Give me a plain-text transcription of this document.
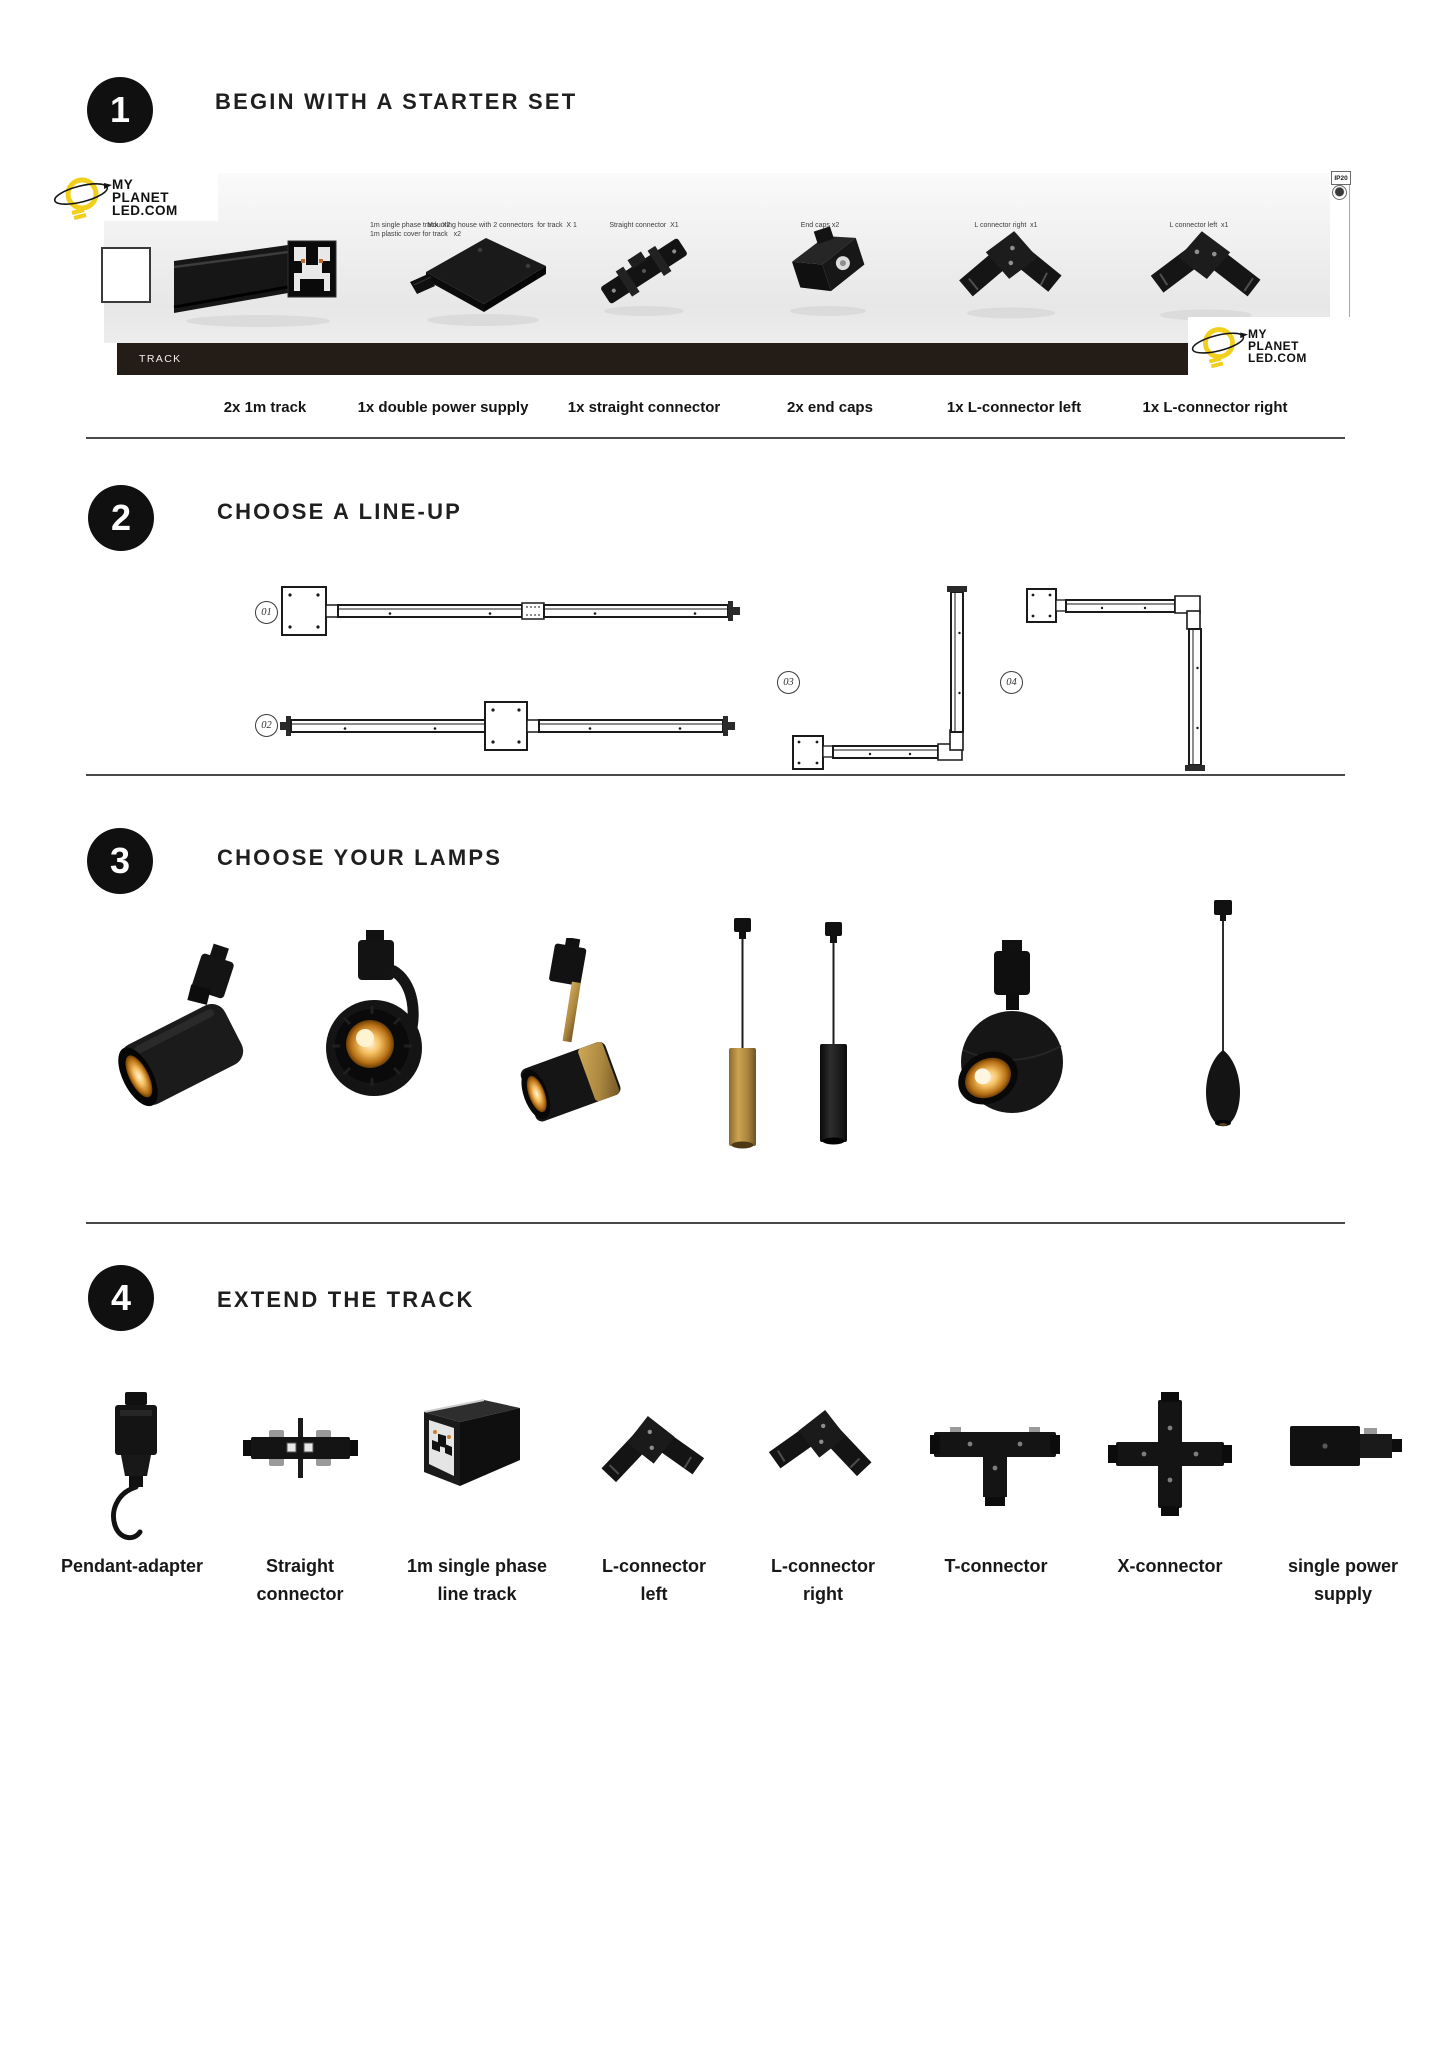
1	BEGIN WITH A STARTER SET
IP20
1m single phase track  X2
1m plastic cover for track   x2
Mounting house with 2 connectors  for track  X 1	Straight connector  X1	End caps x2	L connector right  x1	L connector left  x1
TRACK
MY
PLANET
LED.COM
MY
PLANET
LED.COM
2x 1m track	1x double power supply	1x straight connector	2x end caps	1x L-connector left	1x L-connector right
2	CHOOSE A LINE-UP
01
02
03	04
3	CHOOSE YOUR LAMPS
4	EXTEND THE TRACK
Pendant-adapter	Straight
connector
1m single phase
line track
L-connector
left
L-connector
right
T-connector	X-connector	single power
supply
